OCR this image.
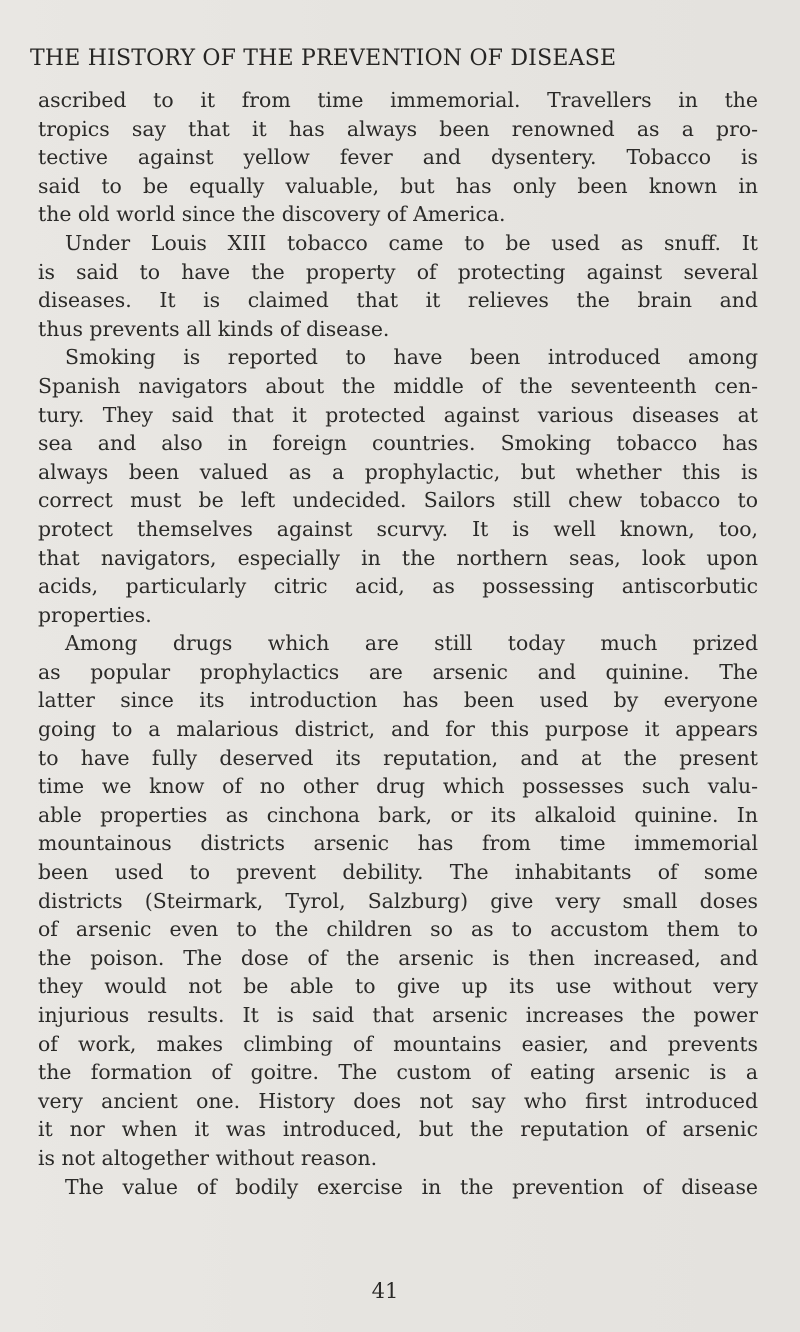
THE HISTORY OF THE PREVENTION OF DISEASE
ascribed to it from time immemorial. Travellers in the
tropics say that it has always been renowned as a pro-
tective against yellow fever and dysentery. Tobacco is
said to be equally valuable, but has only been known in
the old world since the discovery of America.
Under Louis XIII tobacco came to be used as snuff. It
is said to have the property of protecting against several
diseases. It is claimed that it relieves the brain and
thus prevents all kinds of disease.
Smoking is reported to have been introduced among
Spanish navigators about the middle of the seventeenth cen-
tury. They said that it protected against various diseases at
sea and also in foreign countries. Smoking tobacco has
always been valued as a prophylactic, but whether this is
correct must be left undecided. Sailors still chew tobacco to
protect themselves against scurvy. It is well known, too,
that navigators, especially in the northern seas, look upon
acids, particularly citric acid, as possessing antiscorbutic
properties.
Among drugs which are still today much prized
as popular prophylactics are arsenic and quinine. The
latter since its introduction has been used by everyone
going to a malarious district, and for this purpose it appears
to have fully deserved its reputation, and at the present
time we know of no other drug which possesses such valu-
able properties as cinchona bark, or its alkaloid quinine. In
mountainous districts arsenic has from time immemorial
been used to prevent debility. The inhabitants of some
districts (Steirmark, Tyrol, Salzburg) give very small doses
of arsenic even to the children so as to accustom them to
the poison. The dose of the arsenic is then increased, and
they would not be able to give up its use without very
injurious results. It is said that arsenic increases the power
of work, makes climbing of mountains easier, and prevents
the formation of goitre. The custom of eating arsenic is a
very ancient one. History does not say who first introduced
it nor when it was introduced, but the reputation of arsenic
is not altogether without reason.
The value of bodily exercise in the prevention of disease
41
